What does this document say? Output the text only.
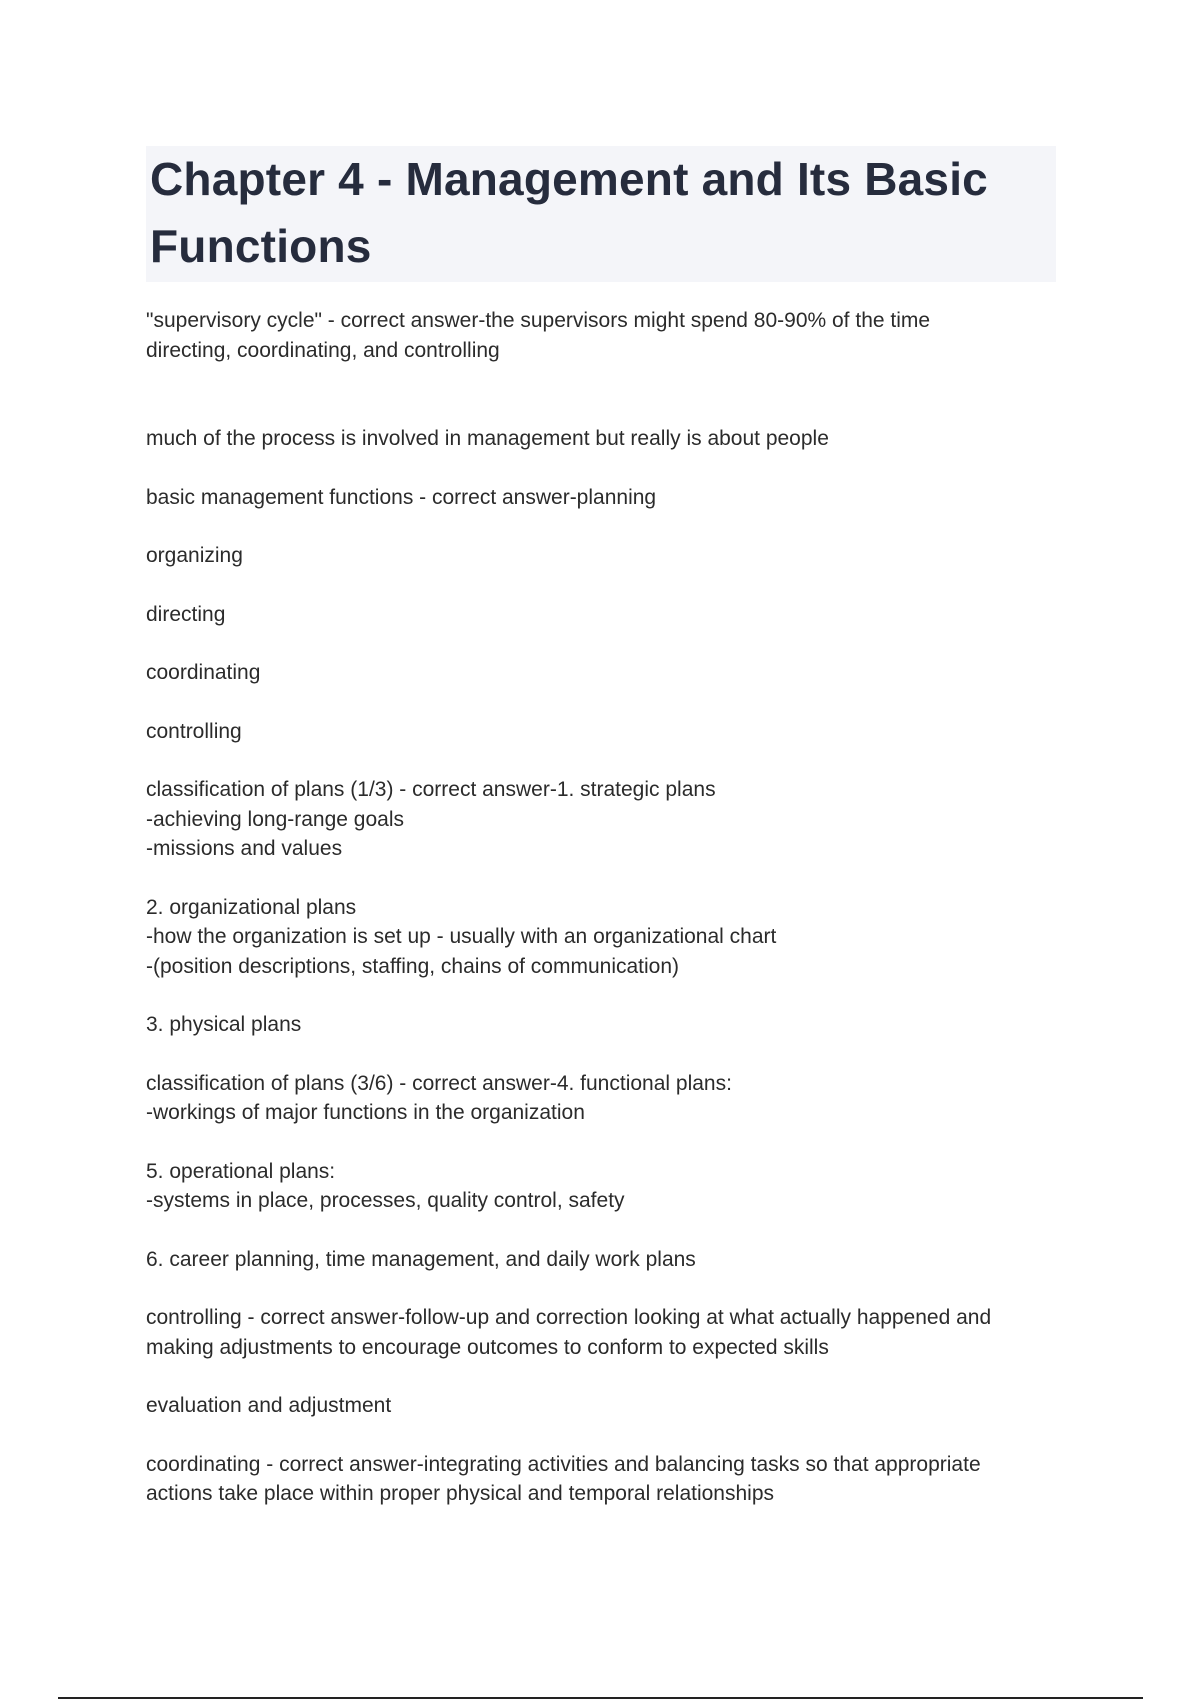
Chapter 4 - Management and Its Basic Functions

"supervisory cycle" - correct answer-the supervisors might spend 80-90% of the time
directing, coordinating, and controlling

much of the process is involved in management but really is about people

basic management functions - correct answer-planning

organizing

directing

coordinating

controlling

classification of plans (1/3) - correct answer-1. strategic plans
-achieving long-range goals
-missions and values

2. organizational plans
-how the organization is set up - usually with an organizational chart
-(position descriptions, staffing, chains of communication)

3. physical plans

classification of plans (3/6) - correct answer-4. functional plans:
-workings of major functions in the organization

5. operational plans:
-systems in place, processes, quality control, safety

6. career planning, time management, and daily work plans

controlling - correct answer-follow-up and correction looking at what actually happened and
making adjustments to encourage outcomes to conform to expected skills

evaluation and adjustment

coordinating - correct answer-integrating activities and balancing tasks so that appropriate
actions take place within proper physical and temporal relationships
